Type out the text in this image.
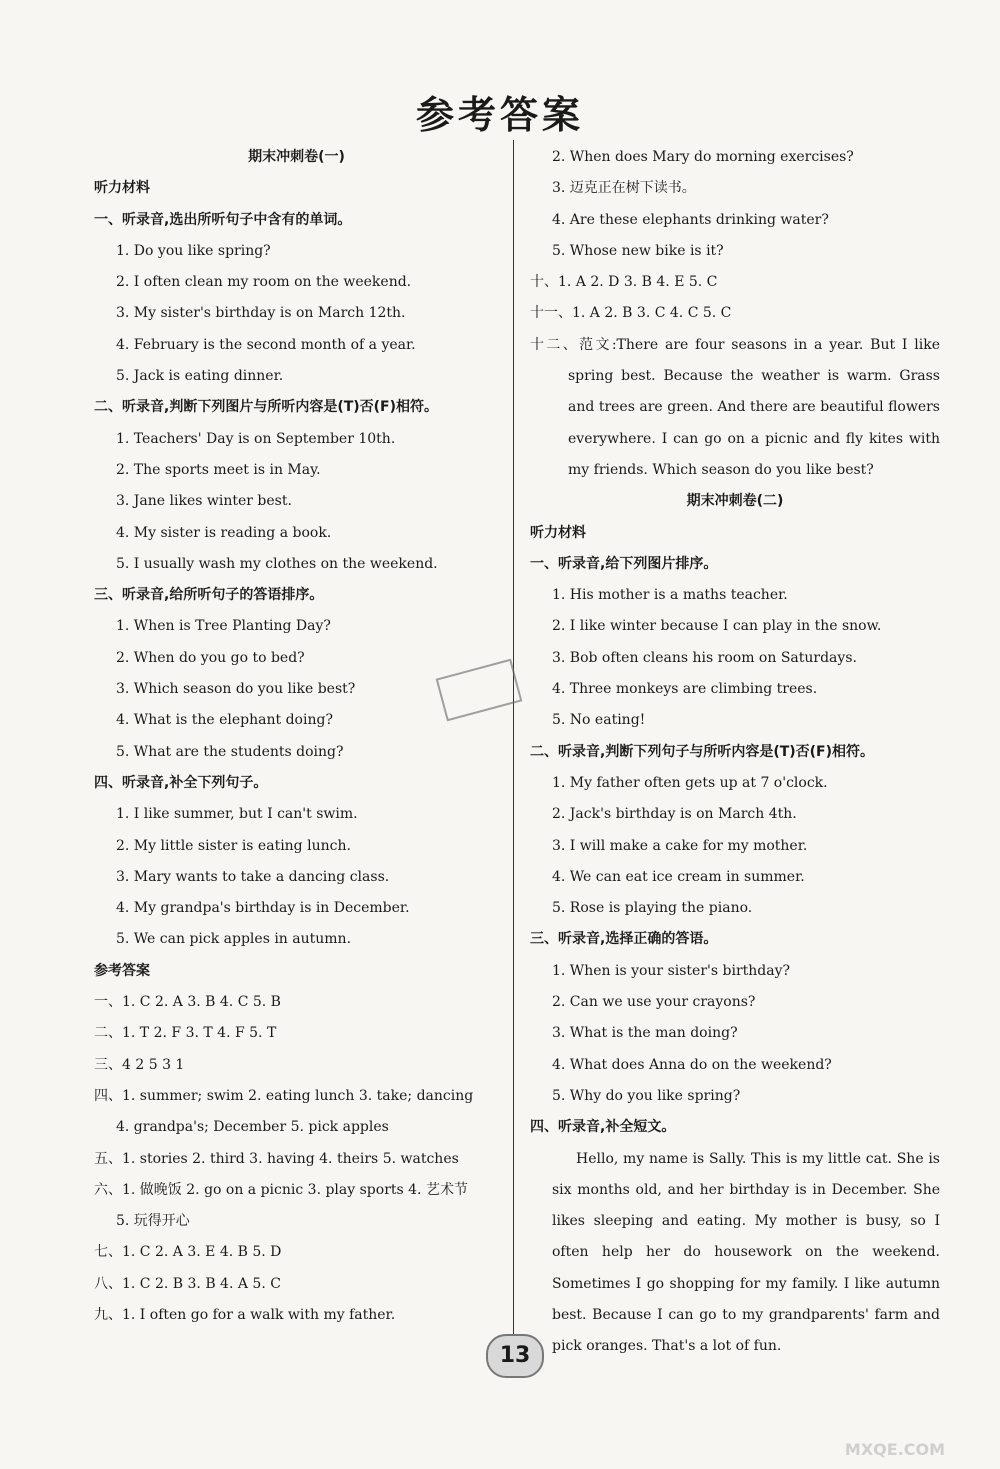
参考答案
期末冲刺卷(一)
听力材料
一、听录音,选出所听句子中含有的单词。
1. Do you like spring?
2. I often clean my room on the weekend.
3. My sister's birthday is on March 12th.
4. February is the second month of a year.
5. Jack is eating dinner.
二、听录音,判断下列图片与所听内容是(T)否(F)相符。
1. Teachers' Day is on September 10th.
2. The sports meet is in May.
3. Jane likes winter best.
4. My sister is reading a book.
5. I usually wash my clothes on the weekend.
三、听录音,给所听句子的答语排序。
1. When is Tree Planting Day?
2. When do you go to bed?
3. Which season do you like best?
4. What is the elephant doing?
5. What are the students doing?
四、听录音,补全下列句子。
1. I like summer, but I can't swim.
2. My little sister is eating lunch.
3. Mary wants to take a dancing class.
4. My grandpa's birthday is in December.
5. We can pick apples in autumn.
参考答案
一、1. C 2. A 3. B 4. C 5. B
二、1. T 2. F 3. T 4. F 5. T
三、4 2 5 3 1
四、1. summer; swim 2. eating lunch 3. take; dancing
4. grandpa's; December 5. pick apples
五、1. stories 2. third 3. having 4. theirs 5. watches
六、1. 做晚饭 2. go on a picnic 3. play sports 4. 艺术节
5. 玩得开心
七、1. C 2. A 3. E 4. B 5. D
八、1. C 2. B 3. B 4. A 5. C
九、1. I often go for a walk with my father.
2. When does Mary do morning exercises?
3. 迈克正在树下读书。
4. Are these elephants drinking water?
5. Whose new bike is it?
十、1. A 2. D 3. B 4. E 5. C
十一、1. A 2. B 3. C 4. C 5. C
十二、范文:There are four seasons in a year. But I like spring best. Because the weather is warm. Grass and trees are green. And there are beautiful flowers everywhere. I can go on a picnic and fly kites with my friends. Which season do you like best?
期末冲刺卷(二)
听力材料
一、听录音,给下列图片排序。
1. His mother is a maths teacher.
2. I like winter because I can play in the snow.
3. Bob often cleans his room on Saturdays.
4. Three monkeys are climbing trees.
5. No eating!
二、听录音,判断下列句子与所听内容是(T)否(F)相符。
1. My father often gets up at 7 o'clock.
2. Jack's birthday is on March 4th.
3. I will make a cake for my mother.
4. We can eat ice cream in summer.
5. Rose is playing the piano.
三、听录音,选择正确的答语。
1. When is your sister's birthday?
2. Can we use your crayons?
3. What is the man doing?
4. What does Anna do on the weekend?
5. Why do you like spring?
四、听录音,补全短文。
Hello, my name is Sally. This is my little cat. She is six months old, and her birthday is in December. She likes sleeping and eating. My mother is busy, so I often help her do housework on the weekend. Sometimes I go shopping for my family. I like autumn best. Because I can go to my grandparents' farm and pick oranges. That's a lot of fun.
13
MXQE.COM
